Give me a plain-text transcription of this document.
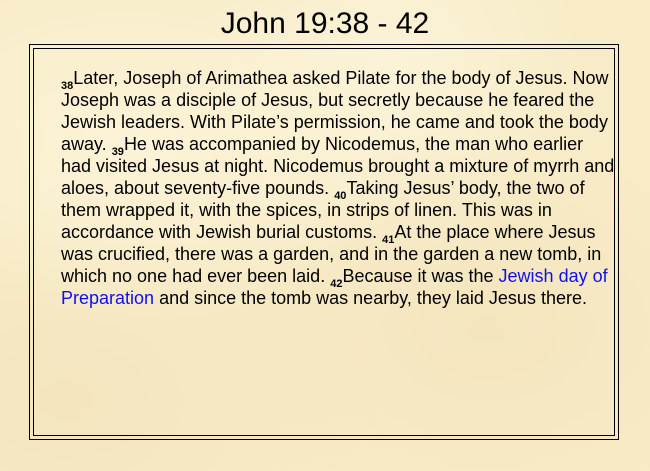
John 19:38 - 42

$_{38}$Later, Joseph of Arimathea asked Pilate for the body of Jesus. Now Joseph was a disciple of Jesus, but secretly because he feared the Jewish leaders. With Pilate’s permission, he came and took the body away. $_{39}$He was accompanied by Nicodemus, the man who earlier had visited Jesus at night. Nicodemus brought a mixture of myrrh and aloes, about seventy-five pounds. $_{40}$Taking Jesus’ body, the two of them wrapped it, with the spices, in strips of linen. This was in accordance with Jewish burial customs. $_{41}$At the place where Jesus was crucified, there was a garden, and in the garden a new tomb, in which no one had ever been laid. $_{42}$Because it was the Jewish day of Preparation and since the tomb was nearby, they laid Jesus there.
